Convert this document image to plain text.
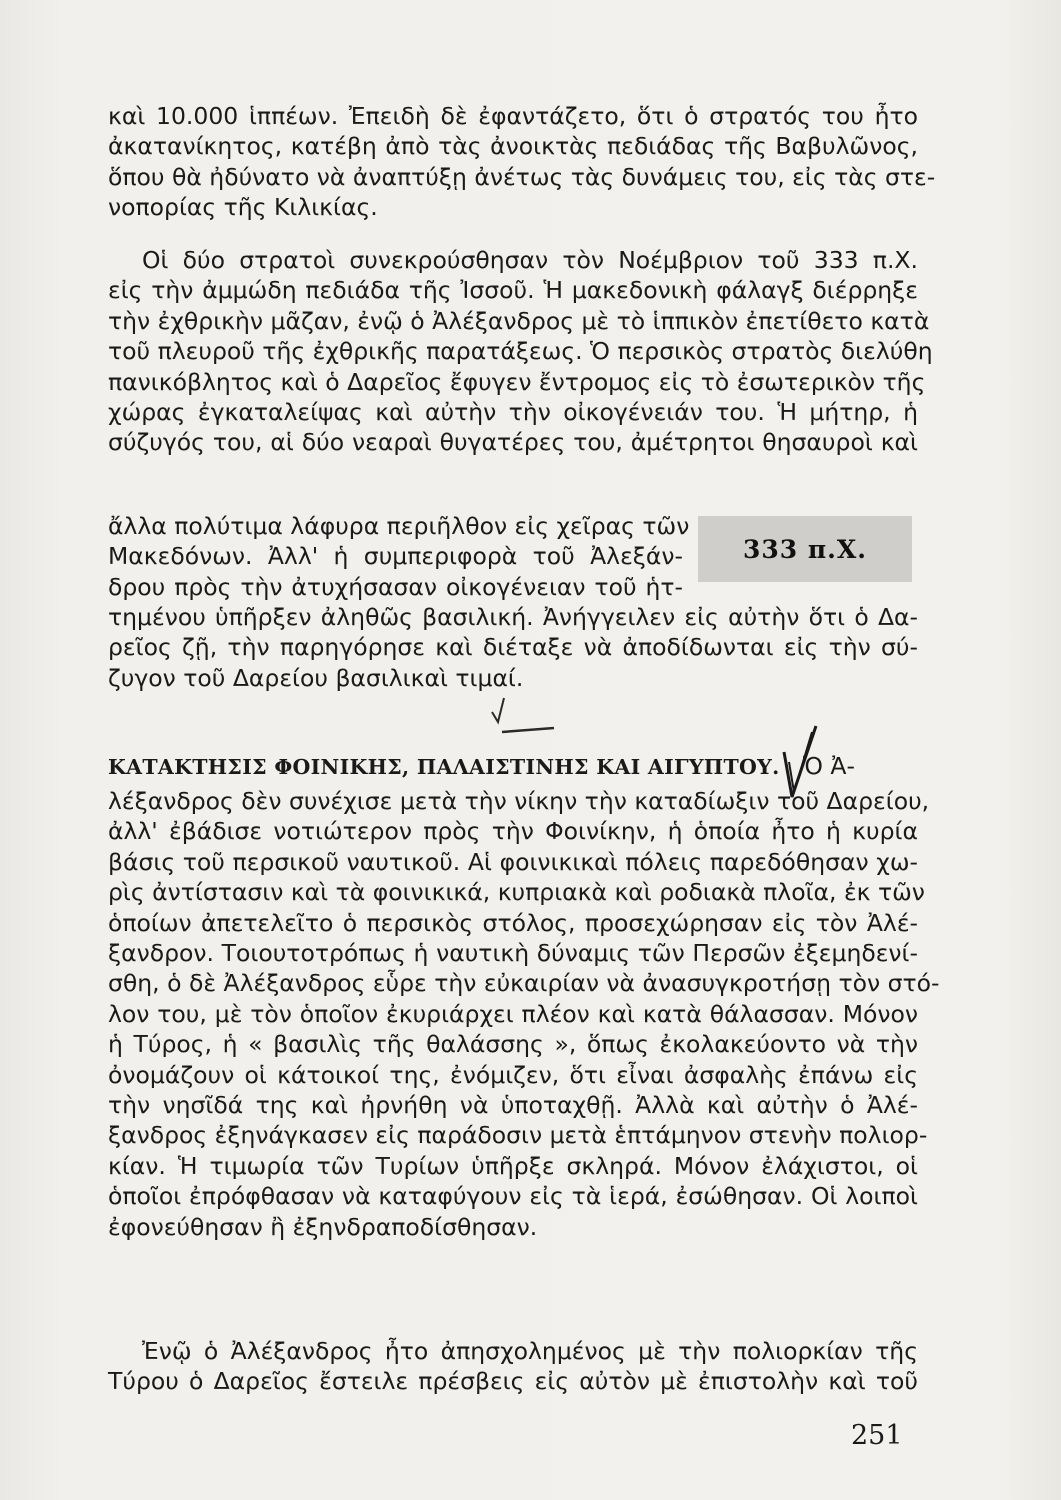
καὶ 10.000 ἱππέων. Ἐπειδὴ δὲ ἐφαντάζετο, ὅτι ὁ στρατός του ἦτο
ἀκατανίκητος, κατέβη ἀπὸ τὰς ἀνοικτὰς πεδιάδας τῆς Βαβυλῶνος,
ὅπου θὰ ἠδύνατο νὰ ἀναπτύξῃ ἀνέτως τὰς δυνάμεις του, εἰς τὰς στε-
νοπορίας τῆς Κιλικίας.
Οἱ δύο στρατοὶ συνεκρούσθησαν τὸν Νοέμβριον τοῦ 333 π.Χ.
εἰς τὴν ἀμμώδη πεδιάδα τῆς Ἰσσοῦ. Ἡ μακεδονικὴ φάλαγξ διέρρηξε
τὴν ἐχθρικὴν μᾶζαν, ἐνῷ ὁ Ἀλέξανδρος μὲ τὸ ἱππικὸν ἐπετίθετο κατὰ
τοῦ πλευροῦ τῆς ἐχθρικῆς παρατάξεως. Ὁ περσικὸς στρατὸς διελύθη
πανικόβλητος καὶ ὁ Δαρεῖος ἔφυγεν ἔντρομος εἰς τὸ ἐσωτερικὸν τῆς
χώρας ἐγκαταλείψας καὶ αὐτὴν τὴν οἰκογένειάν του. Ἡ μήτηρ, ἡ
σύζυγός του, αἱ δύο νεαραὶ θυγατέρες του, ἀμέτρητοι θησαυροὶ καὶ
ἄλλα πολύτιμα λάφυρα περιῆλθον εἰς χεῖρας τῶν
Μακεδόνων. Ἀλλ' ἡ συμπεριφορὰ τοῦ Ἀλεξάν-
δρου πρὸς τὴν ἀτυχήσασαν οἰκογένειαν τοῦ ἡτ-
333 π.Χ.
τημένου ὑπῆρξεν ἀληθῶς βασιλική. Ἀνήγγειλεν εἰς αὐτὴν ὅτι ὁ Δα-
ρεῖος ζῇ, τὴν παρηγόρησε καὶ διέταξε νὰ ἀποδίδωνται εἰς τὴν σύ-
ζυγον τοῦ Δαρείου βασιλικαὶ τιμαί.
ΚΑΤΑΚΤΗΣΙΣ ΦΟΙΝΙΚΗΣ, ΠΑΛΑΙΣΤΙΝΗΣ ΚΑΙ ΑΙΓΥΠΤΟΥ. Ὁ Ἀ-
λέξανδρος δὲν συνέχισε μετὰ τὴν νίκην τὴν καταδίωξιν τοῦ Δαρείου,
ἀλλ' ἐβάδισε νοτιώτερον πρὸς τὴν Φοινίκην, ἡ ὁποία ἦτο ἡ κυρία
βάσις τοῦ περσικοῦ ναυτικοῦ. Αἱ φοινικικαὶ πόλεις παρεδόθησαν χω-
ρὶς ἀντίστασιν καὶ τὰ φοινικικά, κυπριακὰ καὶ ροδιακὰ πλοῖα, ἐκ τῶν
ὁποίων ἀπετελεῖτο ὁ περσικὸς στόλος, προσεχώρησαν εἰς τὸν Ἀλέ-
ξανδρον. Τοιουτοτρόπως ἡ ναυτικὴ δύναμις τῶν Περσῶν ἐξεμηδενί-
σθη, ὁ δὲ Ἀλέξανδρος εὗρε τὴν εὐκαιρίαν νὰ ἀνασυγκροτήσῃ τὸν στό-
λον του, μὲ τὸν ὁποῖον ἐκυριάρχει πλέον καὶ κατὰ θάλασσαν. Μόνον
ἡ Τύρος, ἡ « βασιλὶς τῆς θαλάσσης », ὅπως ἐκολακεύοντο νὰ τὴν
ὀνομάζουν οἱ κάτοικοί της, ἐνόμιζεν, ὅτι εἶναι ἀσφαλὴς ἐπάνω εἰς
τὴν νησῖδά της καὶ ἠρνήθη νὰ ὑποταχθῇ. Ἀλλὰ καὶ αὐτὴν ὁ Ἀλέ-
ξανδρος ἐξηνάγκασεν εἰς παράδοσιν μετὰ ἑπτάμηνον στενὴν πολιορ-
κίαν. Ἡ τιμωρία τῶν Τυρίων ὑπῆρξε σκληρά. Μόνον ἐλάχιστοι, οἱ
ὁποῖοι ἐπρόφθασαν νὰ καταφύγουν εἰς τὰ ἱερά, ἐσώθησαν. Οἱ λοιποὶ
ἐφονεύθησαν ἢ ἐξηνδραποδίσθησαν.
Ἐνῷ ὁ Ἀλέξανδρος ἦτο ἀπησχολημένος μὲ τὴν πολιορκίαν τῆς
Τύρου ὁ Δαρεῖος ἔστειλε πρέσβεις εἰς αὐτὸν μὲ ἐπιστολὴν καὶ τοῦ
251
